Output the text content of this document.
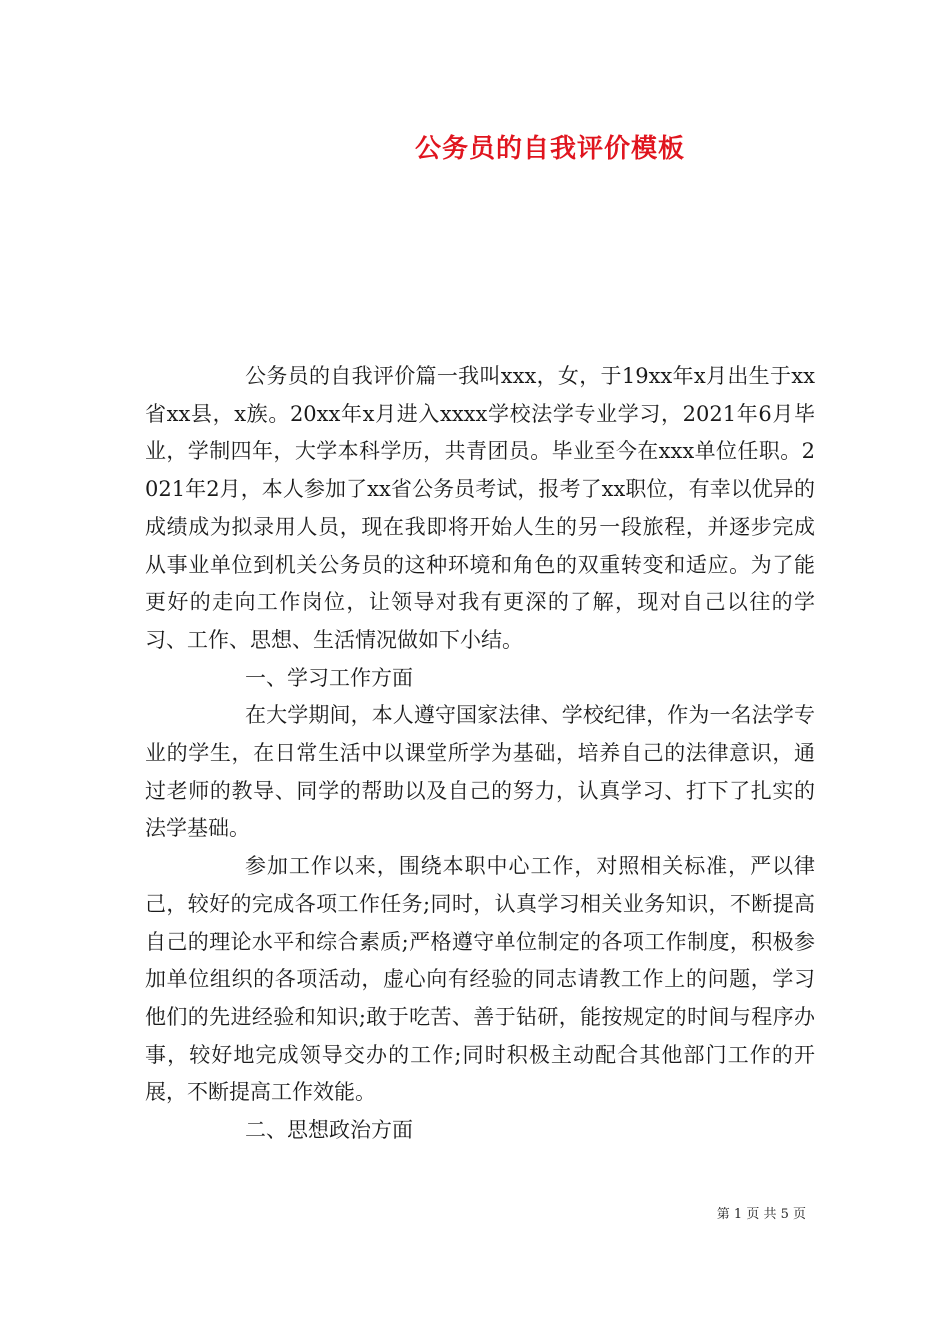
公务员的自我评价模板

公务员的自我评价篇一我叫xxx，女，于19xx年x月出生于xx省xx县，x族。20xx年x月进入xxxx学校法学专业学习，2021年6月毕业，学制四年，大学本科学历，共青团员。毕业至今在xxx单位任职。2021年2月，本人参加了xx省公务员考试，报考了xx职位，有幸以优异的成绩成为拟录用人员，现在我即将开始人生的另一段旅程，并逐步完成从事业单位到机关公务员的这种环境和角色的双重转变和适应。为了能更好的走向工作岗位，让领导对我有更深的了解，现对自己以往的学习、工作、思想、生活情况做如下小结。

一、学习工作方面

在大学期间，本人遵守国家法律、学校纪律，作为一名法学专业的学生，在日常生活中以课堂所学为基础，培养自己的法律意识，通过老师的教导、同学的帮助以及自己的努力，认真学习、打下了扎实的法学基础。

参加工作以来，围绕本职中心工作，对照相关标准，严以律己，较好的完成各项工作任务;同时，认真学习相关业务知识，不断提高自己的理论水平和综合素质;严格遵守单位制定的各项工作制度，积极参加单位组织的各项活动，虚心向有经验的同志请教工作上的问题，学习他们的先进经验和知识;敢于吃苦、善于钻研，能按规定的时间与程序办事，较好地完成领导交办的工作;同时积极主动配合其他部门工作的开展，不断提高工作效能。

二、思想政治方面

第 1 页 共 5 页
